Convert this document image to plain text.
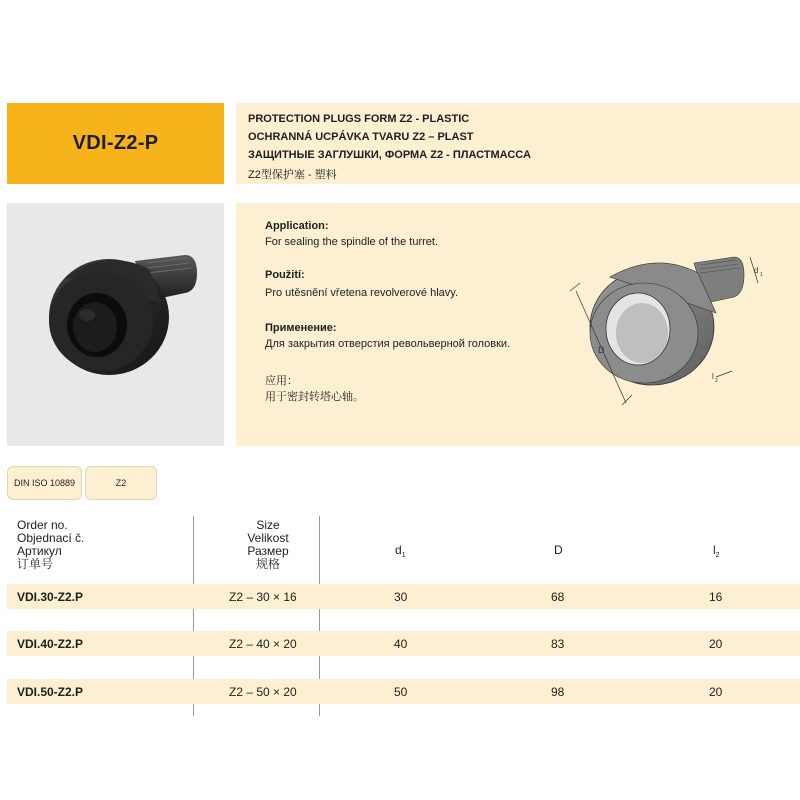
VDI-Z2-P
PROTECTION PLUGS FORM Z2 - PLASTIC
OCHRANNÁ UCPÁVKA TVARU Z2 – PLAST
ЗАЩИТНЫЕ ЗАГЛУШКИ, ФОРМА Z2 - ПЛАСТМАССА
Z2型保护塞 - 塑料
Application:
For sealing the spindle of the turret.
Použití:
Pro utěsnění vřetena revolverové hlavy.
Применение:
Для закрытия отверстия револьверной головки.
应用：
用于密封转塔心轴。
D
d 1
l 2
DIN ISO 10889	Z2
Order no.
Objednací č.
Артикул
订单号
Size
Velikost
Размер
规格
$d_1$	D	$l_2$
VDI.30-Z2.P	Z2 – 30 × 16	30	68	16
VDI.40-Z2.P	Z2 – 40 × 20	40	83	20
VDI.50-Z2.P	Z2 – 50 × 20	50	98	20
